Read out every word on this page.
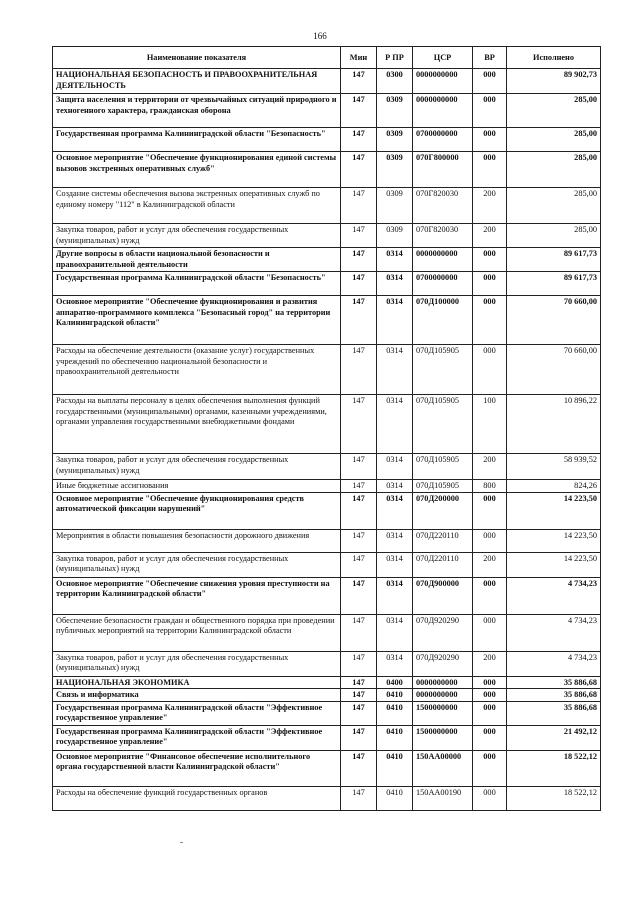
166
Наименование показателя	Мин	Р ПР	ЦСР	ВР	Исполнено
НАЦИОНАЛЬНАЯ БЕЗОПАСНОСТЬ И ПРАВООХРАНИТЕЛЬНАЯ ДЕЯТЕЛЬНОСТЬ	147	0300	0000000000	000	89 902,73
Защита населения и территории от чрезвычайных ситуаций природного и техногенного характера, гражданская оборона	147	0309	0000000000	000	285,00
Государственная программа Калининградской области "Безопасность"	147	0309	0700000000	000	285,00
Основное мероприятие "Обеспечение функционирования единой системы вызовов экстренных оперативных служб"	147	0309	070Г800000	000	285,00
Создание системы обеспечения вызова экстренных оперативных служб по единому номеру "112" в Калининградской области	147	0309	070Г820030	200	285,00
Закупка товаров, работ и услуг для обеспечения государственных (муниципальных) нужд	147	0309	070Г820030	200	285,00
Другие вопросы в области национальной безопасности и правоохранительной деятельности	147	0314	0000000000	000	89 617,73
Государственная программа Калининградской области "Безопасность"	147	0314	0700000000	000	89 617,73
Основное мероприятие "Обеспечение функционирования и развития аппаратно-программного комплекса "Безопасный город" на территории Калининградской области"	147	0314	070Д100000	000	70 660,00
Расходы на обеспечение деятельности (оказание услуг) государственных учреждений по обеспечению национальной безопасности и правоохранительной деятельности	147	0314	070Д105905	000	70 660,00
Расходы на выплаты персоналу в целях обеспечения выполнения функций государственными (муниципальными) органами, казенными учреждениями, органами управления государственными внебюджетными фондами	147	0314	070Д105905	100	10 896,22
Закупка товаров, работ и услуг для обеспечения государственных (муниципальных) нужд	147	0314	070Д105905	200	58 939,52
Иные бюджетные ассигнования	147	0314	070Д105905	800	824,26
Основное мероприятие "Обеспечение функционирования средств автоматической фиксации нарушений"	147	0314	070Д200000	000	14 223,50
Мероприятия в области повышения безопасности дорожного движения	147	0314	070Д220110	000	14 223,50
Закупка товаров, работ и услуг для обеспечения государственных (муниципальных) нужд	147	0314	070Д220110	200	14 223,50
Основное мероприятие "Обеспечение снижения уровня преступности на территории Калининградской области"	147	0314	070Д900000	000	4 734,23
Обеспечение безопасности граждан и общественного порядка при проведении публичных мероприятий на территории Калининградской области	147	0314	070Д920290	000	4 734,23
Закупка товаров, работ и услуг для обеспечения государственных (муниципальных) нужд	147	0314	070Д920290	200	4 734,23
НАЦИОНАЛЬНАЯ ЭКОНОМИКА	147	0400	0000000000	000	35 886,68
Связь и информатика	147	0410	0000000000	000	35 886,68
Государственная программа Калининградской области "Эффективное государственное управление"	147	0410	1500000000	000	35 886,68
Государственная программа Калининградской области "Эффективное государственное управление"	147	0410	1500000000	000	21 492,12
Основное мероприятие "Финансовое обеспечение исполнительного органа государственной власти Калининградской области"	147	0410	150АА00000	000	18 522,12
Расходы на обеспечение функций государственных органов	147	0410	150АА00190	000	18 522,12
